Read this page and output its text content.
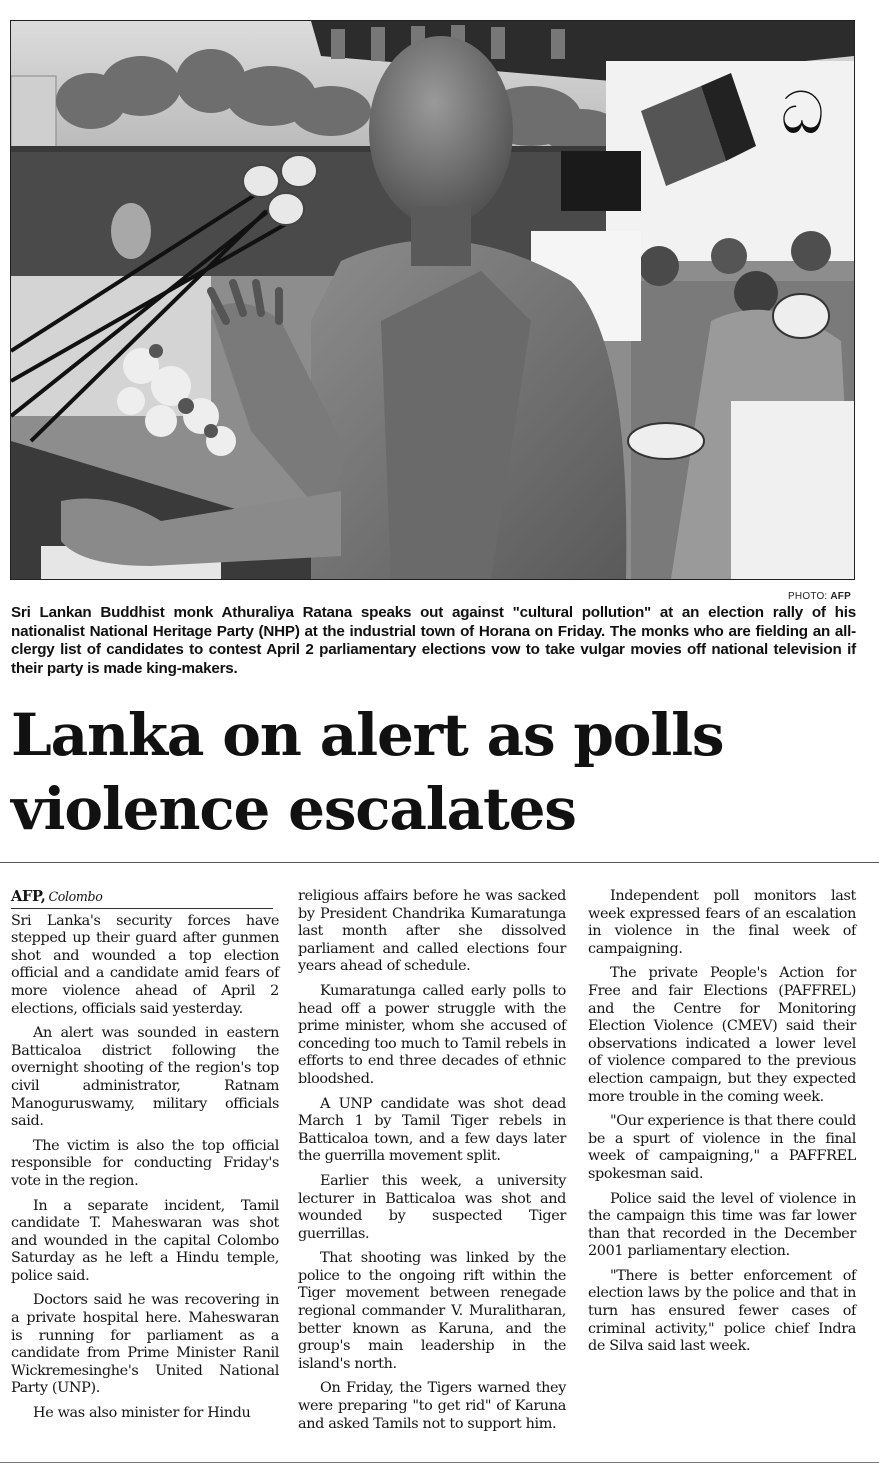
ධ
PHOTO: AFP
Sri Lankan Buddhist monk Athuraliya Ratana speaks out against "cultural pollution" at an election rally of his nationalist National Heritage Party (NHP) at the industrial town of Horana on Friday. The monks who are fielding an all-clergy list of candidates to contest April 2 parliamentary elections vow to take vulgar movies off national television if their party is made king-makers.
Lanka on alert as polls
violence escalates
AFP, Colombo

Sri Lanka's security forces have stepped up their guard after gunmen shot and wounded a top election official and a candidate amid fears of more violence ahead of April 2 elections, officials said yesterday.

An alert was sounded in eastern Batticaloa district following the overnight shooting of the region's top civil administrator, Ratnam Manoguruswamy, military officials said.

The victim is also the top official responsible for conducting Friday's vote in the region.

In a separate incident, Tamil candidate T. Maheswaran was shot and wounded in the capital Colombo Saturday as he left a Hindu temple, police said.

Doctors said he was recovering in a private hospital here. Maheswaran is running for parliament as a candidate from Prime Minister Ranil Wickremesinghe's United National Party (UNP).

He was also minister for Hindu

religious affairs before he was sacked by President Chandrika Kumaratunga last month after she dissolved parliament and called elections four years ahead of schedule.

Kumaratunga called early polls to head off a power struggle with the prime minister, whom she accused of conceding too much to Tamil rebels in efforts to end three decades of ethnic bloodshed.

A UNP candidate was shot dead March 1 by Tamil Tiger rebels in Batticaloa town, and a few days later the guerrilla movement split.

Earlier this week, a university lecturer in Batticaloa was shot and wounded by suspected Tiger guerrillas.

That shooting was linked by the police to the ongoing rift within the Tiger movement between renegade regional commander V. Muralitharan, better known as Karuna, and the group's main leadership in the island's north.

On Friday, the Tigers warned they were preparing "to get rid" of Karuna and asked Tamils not to support him.

Independent poll monitors last week expressed fears of an escalation in violence in the final week of campaigning.

The private People's Action for Free and fair Elections (PAFFREL) and the Centre for Monitoring Election Violence (CMEV) said their observations indicated a lower level of violence compared to the previous election campaign, but they expected more trouble in the coming week.

"Our experience is that there could be a spurt of violence in the final week of campaigning," a PAFFREL spokesman said.

Police said the level of violence in the campaign this time was far lower than that recorded in the December 2001 parliamentary election.

"There is better enforcement of election laws by the police and that in turn has ensured fewer cases of criminal activity," police chief Indra de Silva said last week.
